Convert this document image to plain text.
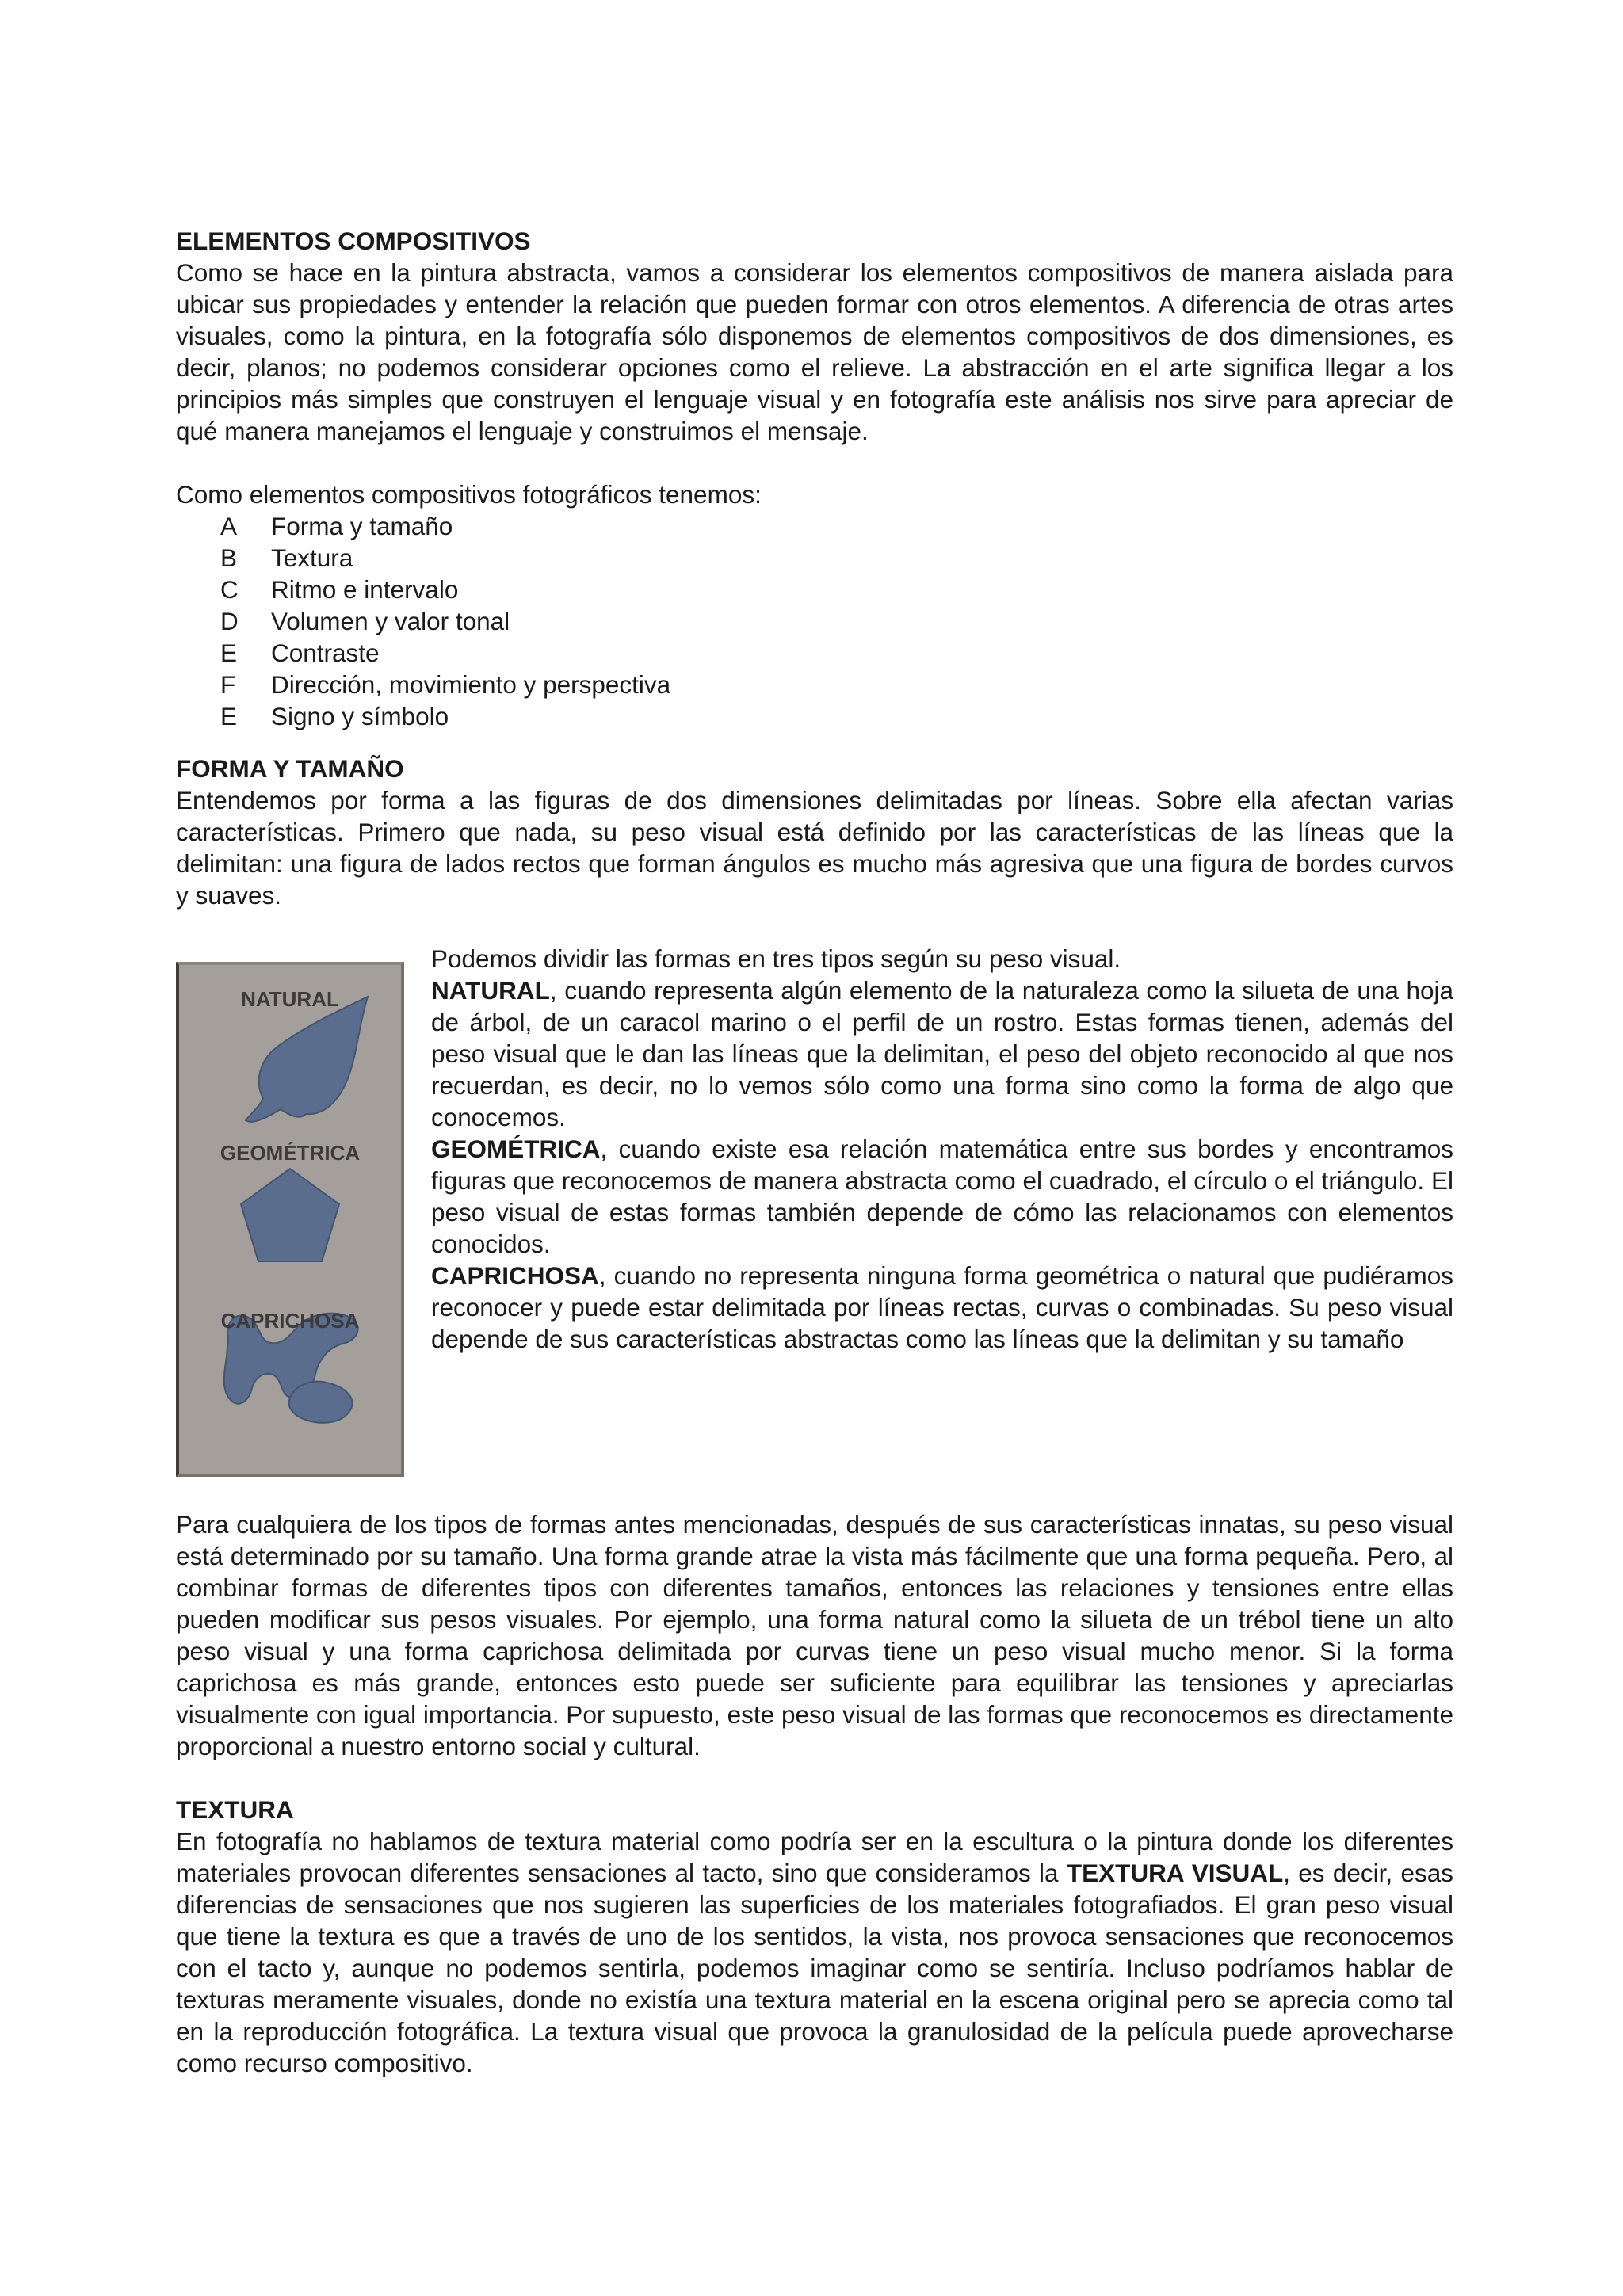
ELEMENTOS COMPOSITIVOS

Como se hace en la pintura abstracta, vamos a considerar los elementos compositivos de manera aislada para ubicar sus propiedades y entender la relación que pueden formar con otros elementos. A diferencia de otras artes visuales, como la pintura, en la fotografía sólo disponemos de elementos compositivos de dos dimensiones, es decir, planos; no podemos considerar opciones como el relieve. La abstracción en el arte significa llegar a los principios más simples que construyen el lenguaje visual y en fotografía este análisis nos sirve para apreciar de qué manera manejamos el lenguaje y construimos el mensaje.

Como elementos compositivos fotográficos tenemos:

A	Forma y tamaño
B	Textura
C	Ritmo e intervalo
D	Volumen y valor tonal
E	Contraste
F	Dirección, movimiento y perspectiva
E	Signo y símbolo
FORMA Y TAMAÑO

Entendemos por forma a las figuras de dos dimensiones delimitadas por líneas. Sobre ella afectan varias características. Primero que nada, su peso visual está definido por las características de las líneas que la delimitan: una figura de lados rectos que forman ángulos es mucho más agresiva que una figura de bordes curvos y suaves.

NATURAL
GEOMÉTRICA
CAPRICHOSA

Podemos dividir las formas en tres tipos según su peso visual.

NATURAL, cuando representa algún elemento de la naturaleza como la silueta de una hoja de árbol, de un caracol marino o el perfil de un rostro. Estas formas tienen, además del peso visual que le dan las líneas que la delimitan, el peso del objeto reconocido al que nos recuerdan, es decir, no lo vemos sólo como una forma sino como la forma de algo que conocemos.

GEOMÉTRICA, cuando existe esa relación matemática entre sus bordes y encontramos figuras que reconocemos de manera abstracta como el cuadrado, el círculo o el triángulo. El peso visual de estas formas también depende de cómo las relacionamos con elementos conocidos.

CAPRICHOSA, cuando no representa ninguna forma geométrica o natural que pudiéramos reconocer y puede estar delimitada por líneas rectas, curvas o combinadas. Su peso visual depende de sus características abstractas como las líneas que la delimitan y su tamaño

Para cualquiera de los tipos de formas antes mencionadas, después de sus características innatas, su peso visual está determinado por su tamaño. Una forma grande atrae la vista más fácilmente que una forma pequeña. Pero, al combinar formas de diferentes tipos con diferentes tamaños, entonces las relaciones y tensiones entre ellas pueden modificar sus pesos visuales. Por ejemplo, una forma natural como la silueta de un trébol tiene un alto peso visual y una forma caprichosa delimitada por curvas tiene un peso visual mucho menor. Si la forma caprichosa es más grande, entonces esto puede ser suficiente para equilibrar las tensiones y apreciarlas visualmente con igual importancia. Por supuesto, este peso visual de las formas que reconocemos es directamente proporcional a nuestro entorno social y cultural.

TEXTURA

En fotografía no hablamos de textura material como podría ser en la escultura o la pintura donde los diferentes materiales provocan diferentes sensaciones al tacto, sino que consideramos la TEXTURA VISUAL, es decir, esas diferencias de sensaciones que nos sugieren las superficies de los materiales fotografiados. El gran peso visual que tiene la textura es que a través de uno de los sentidos, la vista, nos provoca sensaciones que reconocemos con el tacto y, aunque no podemos sentirla, podemos imaginar como se sentiría. Incluso podríamos hablar de texturas meramente visuales, donde no existía una textura material en la escena original pero se aprecia como tal en la reproducción fotográfica. La textura visual que provoca la granulosidad de la película puede aprovecharse como recurso compositivo.
